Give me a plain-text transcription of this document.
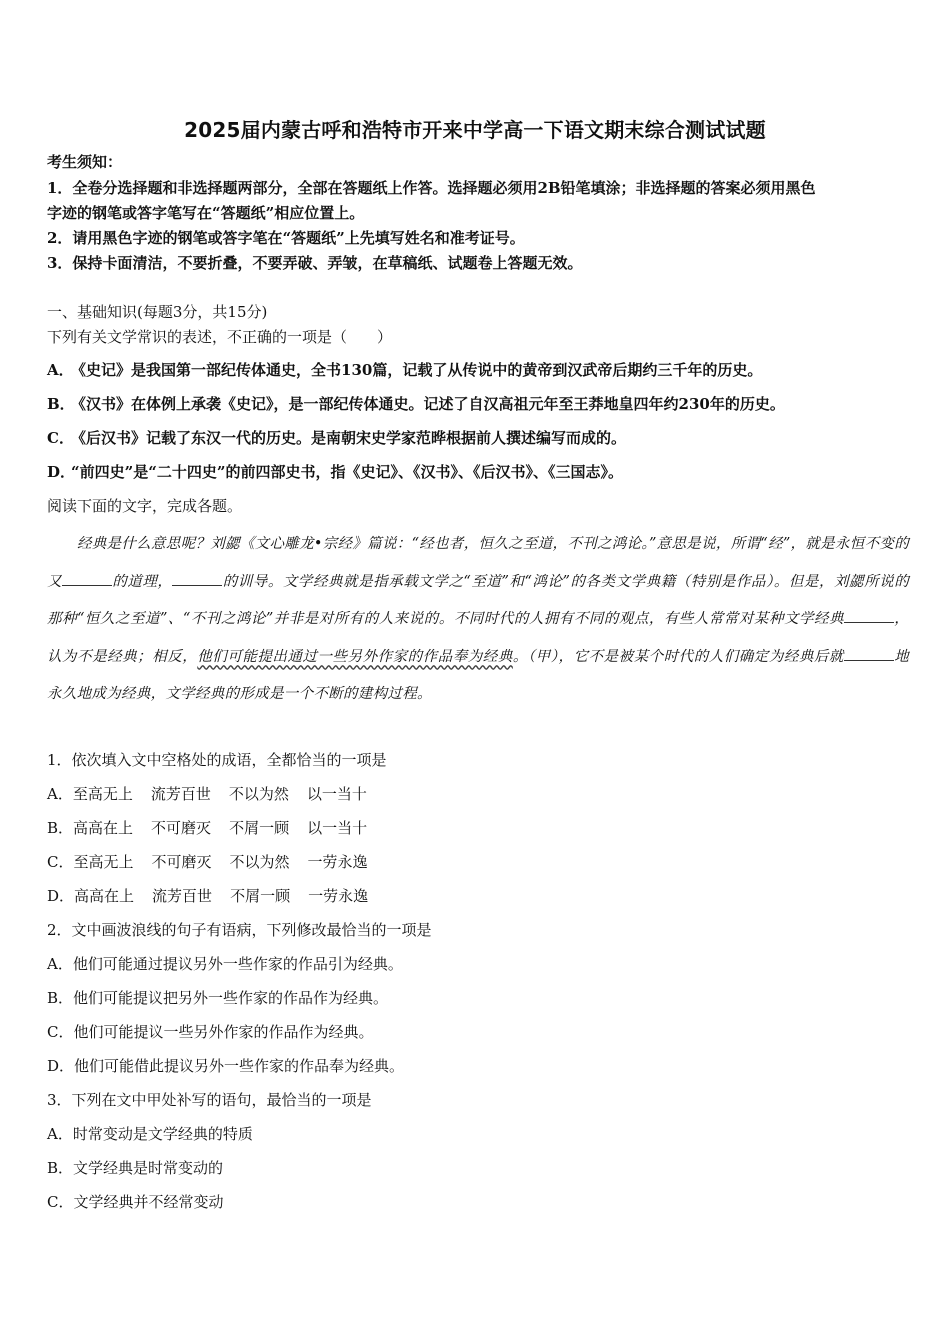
2025届内蒙古呼和浩特市开来中学高一下语文期末综合测试试题
考生须知：
1．全卷分选择题和非选择题两部分，全部在答题纸上作答。选择题必须用2B铅笔填涂；非选择题的答案必须用黑色
字迹的钢笔或答字笔写在“答题纸”相应位置上。
2．请用黑色字迹的钢笔或答字笔在“答题纸”上先填写姓名和准考证号。
3．保持卡面清洁，不要折叠，不要弄破、弄皱，在草稿纸、试题卷上答题无效。
一、基础知识(每题3分，共15分)
下列有关文学常识的表述，不正确的一项是（　　）
A．《史记》是我国第一部纪传体通史，全书130篇，记载了从传说中的黄帝到汉武帝后期约三千年的历史。
B．《汉书》在体例上承袭《史记》，是一部纪传体通史。记述了自汉高祖元年至王莽地皇四年约230年的历史。
C．《后汉书》记载了东汉一代的历史。是南朝宋史学家范晔根据前人撰述编写而成的。
D．“前四史”是“二十四史”的前四部史书，指《史记》、《汉书》、《后汉书》、《三国志》。
阅读下面的文字，完成各题。
经典是什么意思呢？刘勰《文心雕龙•宗经》篇说：“经也者，恒久之至道，不刊之鸿论。”意思是说，所谓“经”，就是永恒不变的又	的道理，	的训导。文学经典就是指承载文学之“至道”和“鸿论”的各类文学典籍（特别是作品）。但是，刘勰所说的那种“恒久之至道”、“不刊之鸿论”并非是对所有的人来说的。不同时代的人拥有不同的观点，有些人常常对某种文学经典	，认为不是经典；相反，他们可能提出通过一些另外作家的作品奉为经典。（甲），它不是被某个时代的人们确定为经典后就	地永久地成为经典，文学经典的形成是一个不断的建构过程。
1．依次填入文中空格处的成语，全都恰当的一项是
A．至高无上 流芳百世 不以为然 以一当十
B．高高在上 不可磨灭 不屑一顾 以一当十
C．至高无上 不可磨灭 不以为然 一劳永逸
D．高高在上 流芳百世 不屑一顾 一劳永逸
2．文中画波浪线的句子有语病，下列修改最恰当的一项是
A．他们可能通过提议另外一些作家的作品引为经典。
B．他们可能提议把另外一些作家的作品作为经典。
C．他们可能提议一些另外作家的作品作为经典。
D．他们可能借此提议另外一些作家的作品奉为经典。
3．下列在文中甲处补写的语句，最恰当的一项是
A．时常变动是文学经典的特质
B．文学经典是时常变动的
C．文学经典并不经常变动
